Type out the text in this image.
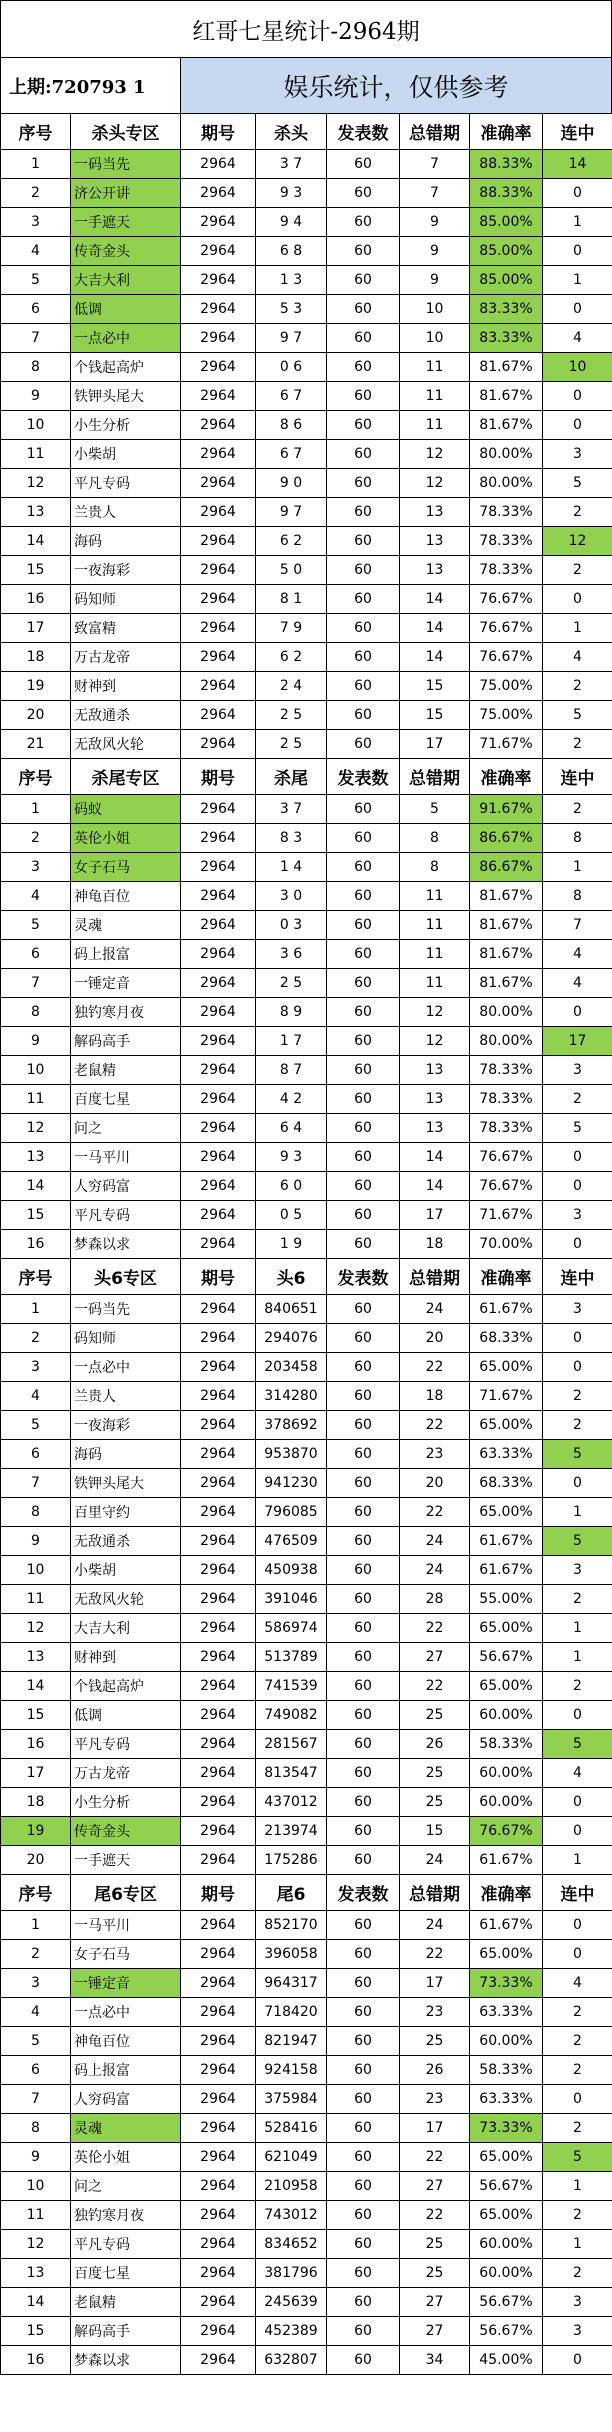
红哥七星统计-2964期
上期:720793 1	娱乐统计，仅供参考
序号	杀头专区	期号	杀头	发表数	总错期	准确率	连中
1	一码当先	2964	3 7	60	7	88.33%	14
2	济公开讲	2964	9 3	60	7	88.33%	0
3	一手遮天	2964	9 4	60	9	85.00%	1
4	传奇金头	2964	6 8	60	9	85.00%	0
5	大吉大利	2964	1 3	60	9	85.00%	1
6	低调	2964	5 3	60	10	83.33%	0
7	一点必中	2964	9 7	60	10	83.33%	4
8	个钱起高炉	2964	0 6	60	11	81.67%	10
9	铁钾头尾大	2964	6 7	60	11	81.67%	0
10	小生分析	2964	8 6	60	11	81.67%	0
11	小柴胡	2964	6 7	60	12	80.00%	3
12	平凡专码	2964	9 0	60	12	80.00%	5
13	兰贵人	2964	9 7	60	13	78.33%	2
14	海码	2964	6 2	60	13	78.33%	12
15	一夜海彩	2964	5 0	60	13	78.33%	2
16	码知师	2964	8 1	60	14	76.67%	0
17	致富精	2964	7 9	60	14	76.67%	1
18	万古龙帝	2964	6 2	60	14	76.67%	4
19	财神到	2964	2 4	60	15	75.00%	2
20	无敌通杀	2964	2 5	60	15	75.00%	5
21	无敌风火轮	2964	2 5	60	17	71.67%	2
序号	杀尾专区	期号	杀尾	发表数	总错期	准确率	连中
1	码蚁	2964	3 7	60	5	91.67%	2
2	英伦小姐	2964	8 3	60	8	86.67%	8
3	女子石马	2964	1 4	60	8	86.67%	1
4	神龟百位	2964	3 0	60	11	81.67%	8
5	灵魂	2964	0 3	60	11	81.67%	7
6	码上报富	2964	3 6	60	11	81.67%	4
7	一锤定音	2964	2 5	60	11	81.67%	4
8	独钓寒月夜	2964	8 9	60	12	80.00%	0
9	解码高手	2964	1 7	60	12	80.00%	17
10	老鼠精	2964	8 7	60	13	78.33%	3
11	百度七星	2964	4 2	60	13	78.33%	2
12	问之	2964	6 4	60	13	78.33%	5
13	一马平川	2964	9 3	60	14	76.67%	0
14	人穷码富	2964	6 0	60	14	76.67%	0
15	平凡专码	2964	0 5	60	17	71.67%	3
16	梦森以求	2964	1 9	60	18	70.00%	0
序号	头6专区	期号	头6	发表数	总错期	准确率	连中
1	一码当先	2964	840651	60	24	61.67%	3
2	码知师	2964	294076	60	20	68.33%	0
3	一点必中	2964	203458	60	22	65.00%	0
4	兰贵人	2964	314280	60	18	71.67%	2
5	一夜海彩	2964	378692	60	22	65.00%	2
6	海码	2964	953870	60	23	63.33%	5
7	铁钾头尾大	2964	941230	60	20	68.33%	0
8	百里守约	2964	796085	60	22	65.00%	1
9	无敌通杀	2964	476509	60	24	61.67%	5
10	小柴胡	2964	450938	60	24	61.67%	3
11	无敌风火轮	2964	391046	60	28	55.00%	2
12	大吉大利	2964	586974	60	22	65.00%	1
13	财神到	2964	513789	60	27	56.67%	1
14	个钱起高炉	2964	741539	60	22	65.00%	2
15	低调	2964	749082	60	25	60.00%	0
16	平凡专码	2964	281567	60	26	58.33%	5
17	万古龙帝	2964	813547	60	25	60.00%	4
18	小生分析	2964	437012	60	25	60.00%	0
19	传奇金头	2964	213974	60	15	76.67%	0
20	一手遮天	2964	175286	60	24	61.67%	1
序号	尾6专区	期号	尾6	发表数	总错期	准确率	连中
1	一马平川	2964	852170	60	24	61.67%	0
2	女子石马	2964	396058	60	22	65.00%	0
3	一锤定音	2964	964317	60	17	73.33%	4
4	一点必中	2964	718420	60	23	63.33%	2
5	神龟百位	2964	821947	60	25	60.00%	2
6	码上报富	2964	924158	60	26	58.33%	2
7	人穷码富	2964	375984	60	23	63.33%	0
8	灵魂	2964	528416	60	17	73.33%	2
9	英伦小姐	2964	621049	60	22	65.00%	5
10	问之	2964	210958	60	27	56.67%	1
11	独钓寒月夜	2964	743012	60	22	65.00%	2
12	平凡专码	2964	834652	60	25	60.00%	1
13	百度七星	2964	381796	60	25	60.00%	2
14	老鼠精	2964	245639	60	27	56.67%	3
15	解码高手	2964	452389	60	27	56.67%	3
16	梦森以求	2964	632807	60	34	45.00%	0
